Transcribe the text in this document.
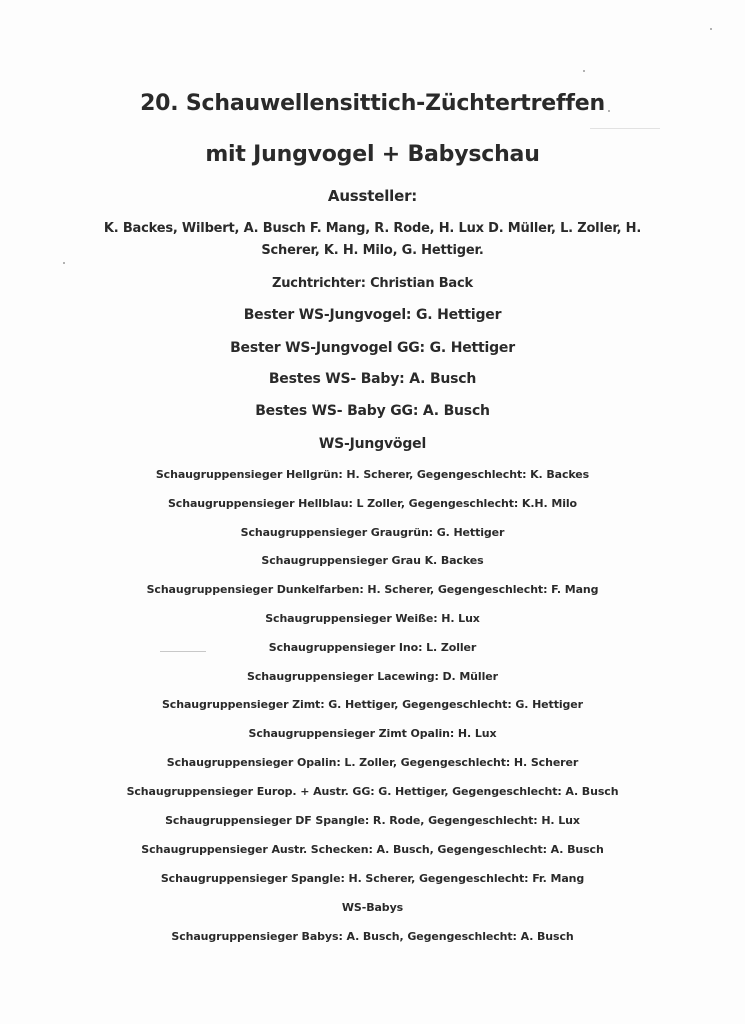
20. Schauwellensittich-Züchtertreffen
mit Jungvogel + Babyschau
Aussteller:
K. Backes, Wilbert, A. Busch F. Mang, R. Rode, H. Lux D. Müller, L. Zoller, H.
Scherer, K. H. Milo, G. Hettiger.
Zuchtrichter: Christian Back
Bester WS-Jungvogel: G. Hettiger
Bester WS-Jungvogel GG: G. Hettiger
Bestes WS- Baby: A. Busch
Bestes WS- Baby GG: A. Busch
WS-Jungvögel
Schaugruppensieger Hellgrün: H. Scherer, Gegengeschlecht: K. Backes
Schaugruppensieger Hellblau: L Zoller, Gegengeschlecht: K.H. Milo
Schaugruppensieger Graugrün: G. Hettiger
Schaugruppensieger Grau K. Backes
Schaugruppensieger Dunkelfarben: H. Scherer, Gegengeschlecht: F. Mang
Schaugruppensieger Weiße: H. Lux
Schaugruppensieger Ino: L. Zoller
Schaugruppensieger Lacewing: D. Müller
Schaugruppensieger Zimt: G. Hettiger, Gegengeschlecht: G. Hettiger
Schaugruppensieger Zimt Opalin: H. Lux
Schaugruppensieger Opalin: L. Zoller, Gegengeschlecht: H. Scherer
Schaugruppensieger Europ. + Austr. GG: G. Hettiger, Gegengeschlecht: A. Busch
Schaugruppensieger DF Spangle: R. Rode, Gegengeschlecht: H. Lux
Schaugruppensieger Austr. Schecken: A. Busch, Gegengeschlecht: A. Busch
Schaugruppensieger Spangle: H. Scherer, Gegengeschlecht: Fr. Mang
WS-Babys
Schaugruppensieger Babys: A. Busch, Gegengeschlecht: A. Busch
